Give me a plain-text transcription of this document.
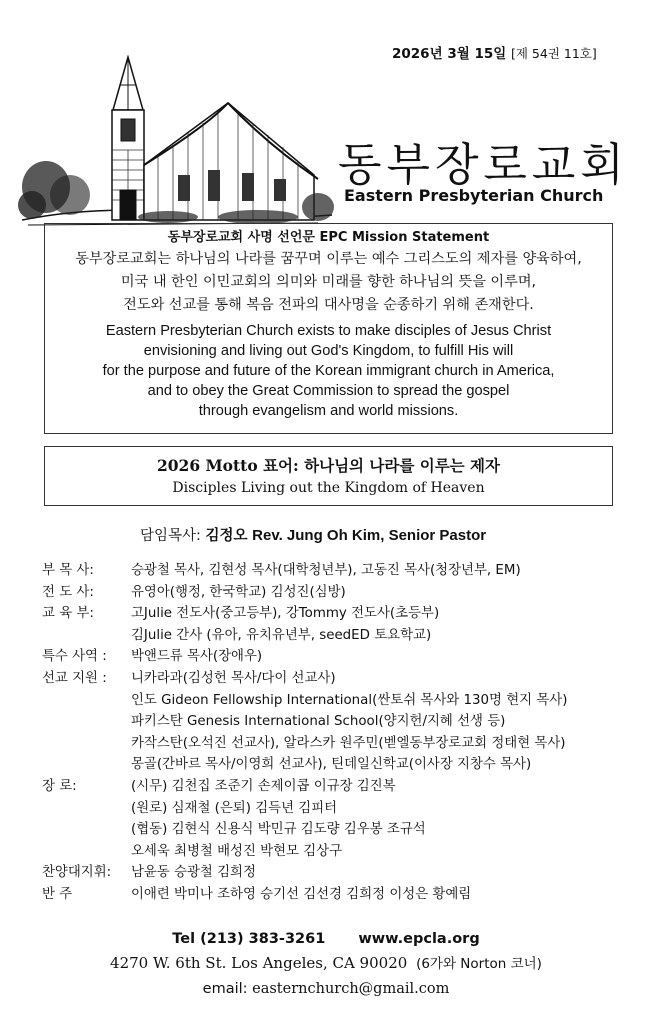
2026년 3월 15일 [제 54권 11호]
동부장로교회
Eastern Presbyterian Church
동부장로교회 사명 선언문 EPC Mission Statement
동부장로교회는 하나님의 나라를 꿈꾸며 이루는 예수 그리스도의 제자를 양육하여,
미국 내 한인 이민교회의 의미와 미래를 향한 하나님의 뜻을 이루며,
전도와 선교를 통해 복음 전파의 대사명을 순종하기 위해 존재한다.
Eastern Presbyterian Church exists to make disciples of Jesus Christ
envisioning and living out God's Kingdom, to fulfill His will
for the purpose and future of the Korean immigrant church in America,
and to obey the Great Commission to spread the gospel
through evangelism and world missions.
2026 Motto 표어: 하나님의 나라를 이루는 제자
Disciples Living out the Kingdom of Heaven
담임목사: 김정오 Rev. Jung Oh Kim, Senior Pastor
부 목 사:	승광철 목사, 김현성 목사(대학청년부), 고동진 목사(청장년부, EM)
전 도 사:	유영아(행정, 한국학교) 김성진(심방)
교 육 부:	고Julie 전도사(중고등부), 강Tommy 전도사(초등부)
김Julie 간사 (유아, 유치유년부, seedED 토요학교)
특수 사역 :	박앤드류 목사(장애우)
선교 지원 :	니카라과(김성헌 목사/다이 선교사)
인도 Gideon Fellowship International(싼토쉬 목사와 130명 현지 목사)
파키스탄 Genesis International School(양지헌/지혜 선생 등)
카작스탄(오석진 선교사), 알라스카 원주민(벧엘동부장로교회 정태현 목사)
몽골(간바르 목사/이영희 선교사), 틴데일신학교(이사장 지창수 목사)
장 로:	(시무) 김천집 조준기 손제이콥 이규장 김진복
(원로) 심재철 (은퇴) 김득년 김피터
(협동) 김현식 신용식 박민규 김도량 김우봉 조규석
오세욱 최병철 배성진 박현모 김상구
찬양대지휘:	남윤동 승광철 김희정
반 주	이애련 박미나 조하영 승기선 김선경 김희정 이성은 황예림
Tel (213) 383-3261 www.epcla.org
4270 W. 6th St. Los Angeles, CA 90020 (6가와 Norton 코너)
email: easternchurch@gmail.com
